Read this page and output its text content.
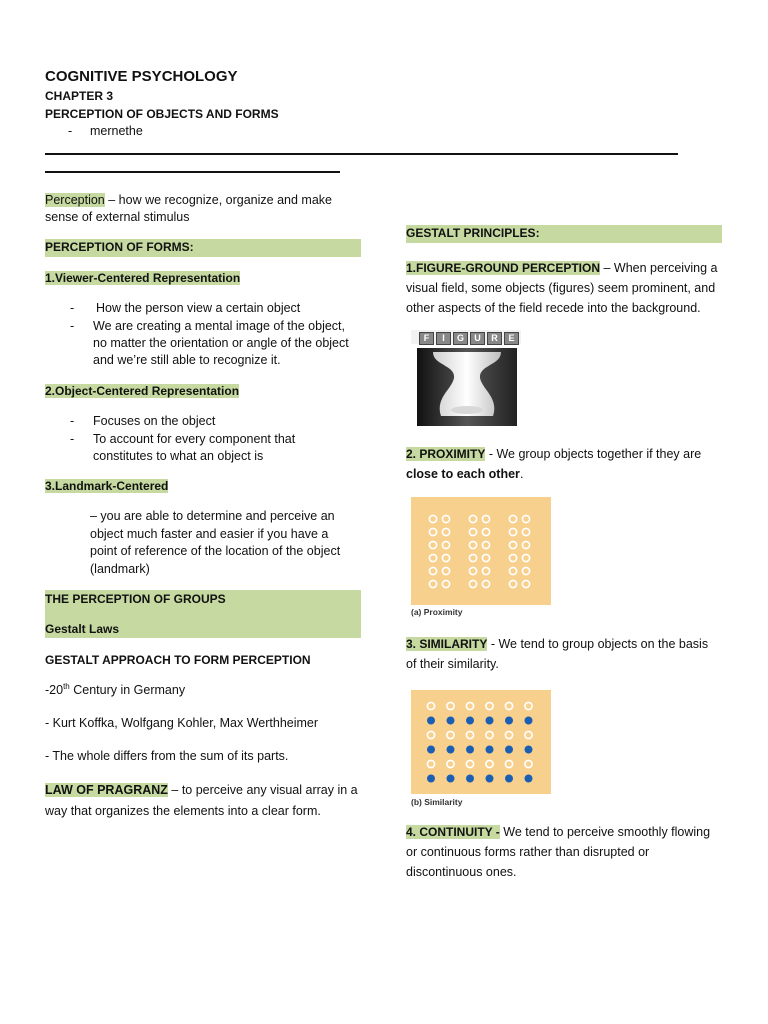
COGNITIVE PSYCHOLOGY
CHAPTER 3
PERCEPTION OF OBJECTS AND FORMS
- mernethe
Perception – how we recognize, organize and make
sense of external stimulus
PERCEPTION OF FORMS:
1.Viewer-Centered Representation
- How the person view a certain object
- We are creating a mental image of the object,
no matter the orientation or angle of the object
and we’re still able to recognize it.
2.Object-Centered Representation
- Focuses on the object
- To account for every component that
constitutes to what an object is
3.Landmark-Centered
– you are able to determine and perceive an
object much faster and easier if you have a
point of reference of the location of the object
(landmark)
THE PERCEPTION OF GROUPS
Gestalt Laws
GESTALT APPROACH TO FORM PERCEPTION
-20th Century in Germany
- Kurt Koffka, Wolfgang Kohler, Max Werthheimer
- The whole differs from the sum of its parts.
LAW OF PRAGRANZ – to perceive any visual array in a
way that organizes the elements into a clear form.
GESTALT PRINCIPLES:
1.FIGURE-GROUND PERCEPTION – When perceiving a
visual field, some objects (figures) seem prominent, and
other aspects of the field recede into the background.
F	I	G	U	R	E
2. PROXIMITY - We group objects together if they are
close to each other.
(a) Proximity
3. SIMILARITY - We tend to group objects on the basis
of their similarity.
(b) Similarity
4. CONTINUITY - We tend to perceive smoothly flowing
or continuous forms rather than disrupted or
discontinuous ones.
